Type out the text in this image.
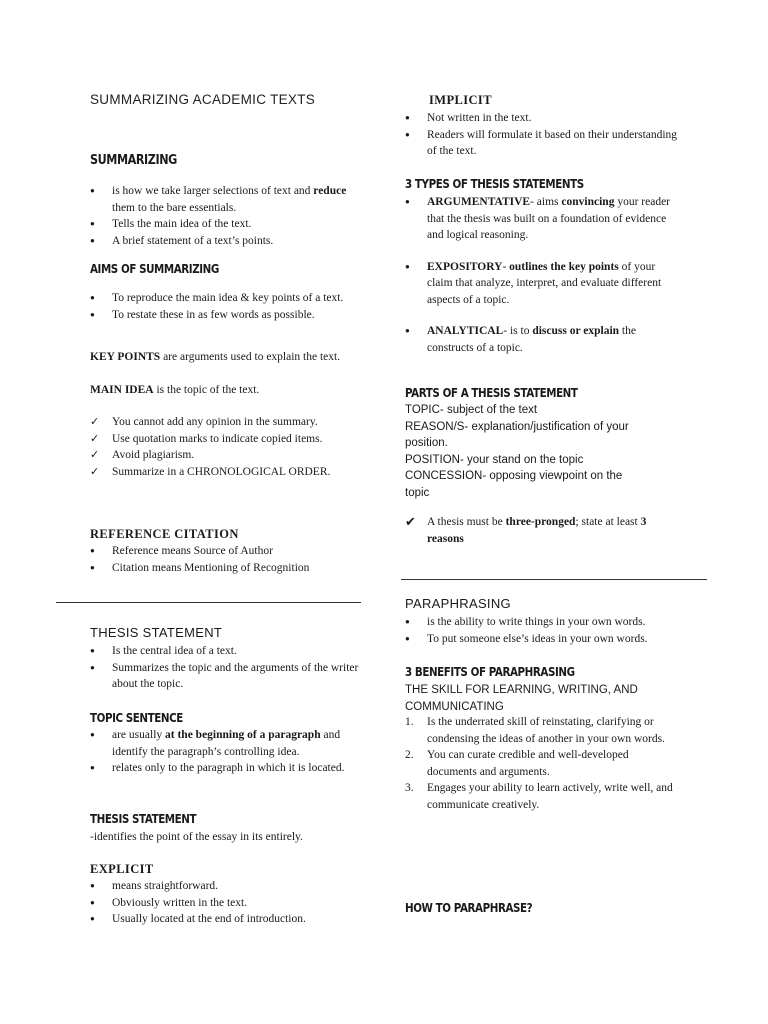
SUMMARIZING ACADEMIC TEXTS
SUMMARIZING
● is how we take larger selections of text and reduce them to the bare essentials.
● Tells the main idea of the text.
● A brief statement of a text’s points.
AIMS OF SUMMARIZING
● To reproduce the main idea & key points of a text.
● To restate these in as few words as possible.
KEY POINTS are arguments used to explain the text.
MAIN IDEA is the topic of the text.
✓ You cannot add any opinion in the summary.
✓ Use quotation marks to indicate copied items.
✓ Avoid plagiarism.
✓ Summarize in a CHRONOLOGICAL ORDER.
REFERENCE CITATION
● Reference means Source of Author
● Citation means Mentioning of Recognition
THESIS STATEMENT
● Is the central idea of a text.
● Summarizes the topic and the arguments of the writer about the topic.
TOPIC SENTENCE
● are usually at the beginning of a paragraph and identify the paragraph’s controlling idea.
● relates only to the paragraph in which it is located.
THESIS STATEMENT
-identifies the point of the essay in its entirely.
EXPLICIT
● means straightforward.
● Obviously written in the text.
● Usually located at the end of introduction.
IMPLICIT
● Not written in the text.
● Readers will formulate it based on their understanding of the text.
3 TYPES OF THESIS STATEMENTS
● ARGUMENTATIVE- aims convincing your reader that the thesis was built on a foundation of evidence and logical reasoning.
● EXPOSITORY- outlines the key points of your claim that analyze, interpret, and evaluate different aspects of a topic.
● ANALYTICAL- is to discuss or explain the constructs of a topic.
PARTS OF A THESIS STATEMENT
TOPIC- subject of the text
REASON/S- explanation/justification of your position.
POSITION- your stand on the topic
CONCESSION- opposing viewpoint on the topic
✔ A thesis must be three-pronged; state at least 3 reasons
PARAPHRASING
● is the ability to write things in your own words.
● To put someone else’s ideas in your own words.
3 BENEFITS OF PARAPHRASING
THE SKILL FOR LEARNING, WRITING, AND COMMUNICATING
1. Is the underrated skill of reinstating, clarifying or condensing the ideas of another in your own words.
2. You can curate credible and well-developed documents and arguments.
3. Engages your ability to learn actively, write well, and communicate creatively.
HOW TO PARAPHRASE?
